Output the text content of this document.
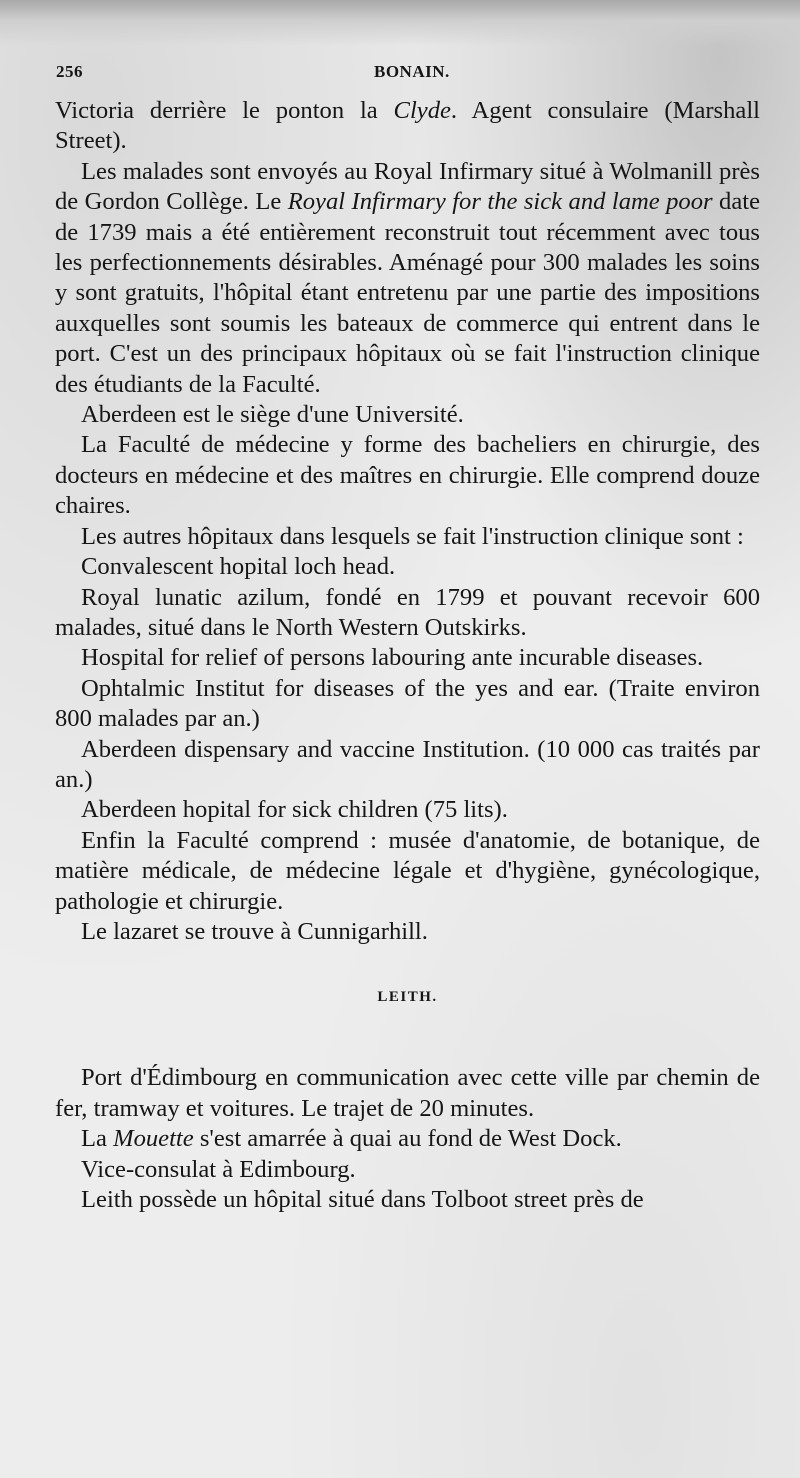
256	BONAIN.

Victoria derrière le ponton la Clyde. Agent consulaire (Marshall Street).

Les malades sont envoyés au Royal Infirmary situé à Wolmanill près de Gordon Collège. Le Royal Infirmary for the sick and lame poor date de 1739 mais a été entièrement reconstruit tout récemment avec tous les perfectionnements désirables. Aménagé pour 300 malades les soins y sont gratuits, l'hôpital étant entretenu par une partie des impositions auxquelles sont soumis les bateaux de commerce qui entrent dans le port. C'est un des principaux hôpitaux où se fait l'instruction clinique des étudiants de la Faculté.

Aberdeen est le siège d'une Université.

La Faculté de médecine y forme des bacheliers en chirurgie, des docteurs en médecine et des maîtres en chirurgie. Elle comprend douze chaires.

Les autres hôpitaux dans lesquels se fait l'instruction clinique sont :

Convalescent hopital loch head.

Royal lunatic azilum, fondé en 1799 et pouvant recevoir 600 malades, situé dans le North Western Outskirks.

Hospital for relief of persons labouring ante incurable diseases.

Ophtalmic Institut for diseases of the yes and ear. (Traite environ 800 malades par an.)

Aberdeen dispensary and vaccine Institution. (10 000 cas traités par an.)

Aberdeen hopital for sick children (75 lits).

Enfin la Faculté comprend : musée d'anatomie, de botanique, de matière médicale, de médecine légale et d'hygiène, gynécologique, pathologie et chirurgie.

Le lazaret se trouve à Cunnigarhill.

LEITH.

Port d'Édimbourg en communication avec cette ville par chemin de fer, tramway et voitures. Le trajet de 20 minutes.

La Mouette s'est amarrée à quai au fond de West Dock.

Vice-consulat à Edimbourg.

Leith possède un hôpital situé dans Tolboot street près de
